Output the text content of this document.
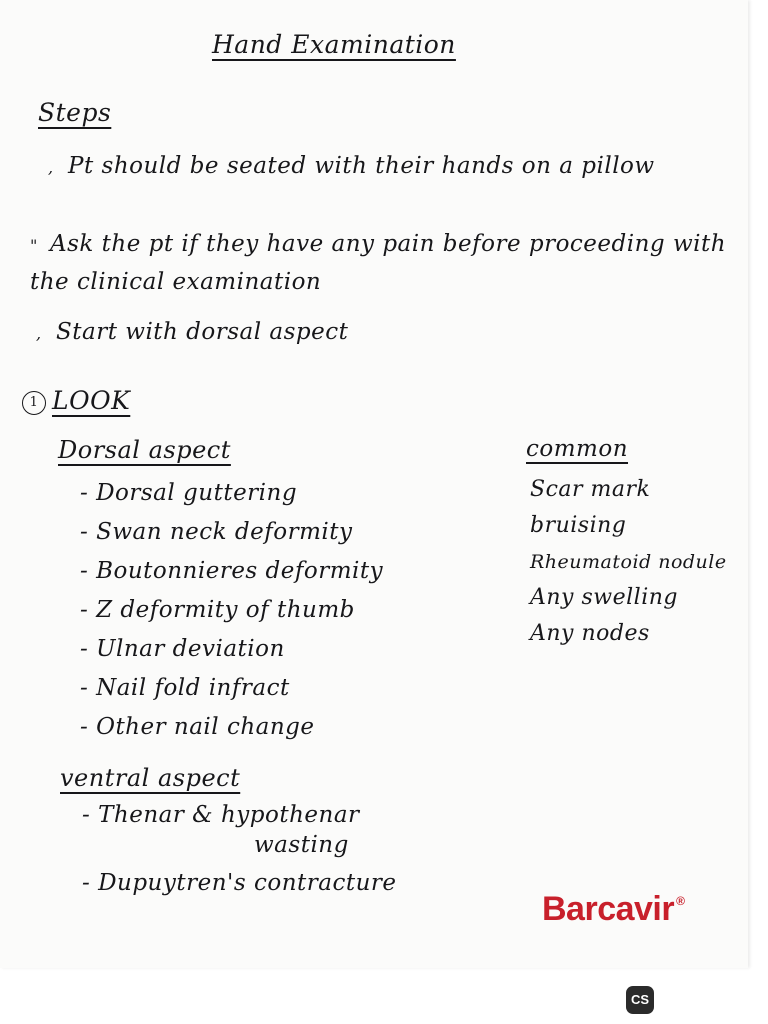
Hand Examination
Steps
, Pt should be seated with their hands on a pillow
" Ask the pt if they have any pain before proceeding with the clinical examination
, Start with dorsal aspect
1 LOOK
Dorsal aspect
- Dorsal guttering
- Swan neck deformity
- Boutonnieres deformity
- Z deformity of thumb
- Ulnar deviation
- Nail fold infract
- Other nail change
common
Scar mark
bruising
Rheumatoid nodule
Any swelling
Any nodes
ventral aspect
- Thenar & hypothenar
wasting
- Dupuytren's contracture
Barcavir ®
CS
